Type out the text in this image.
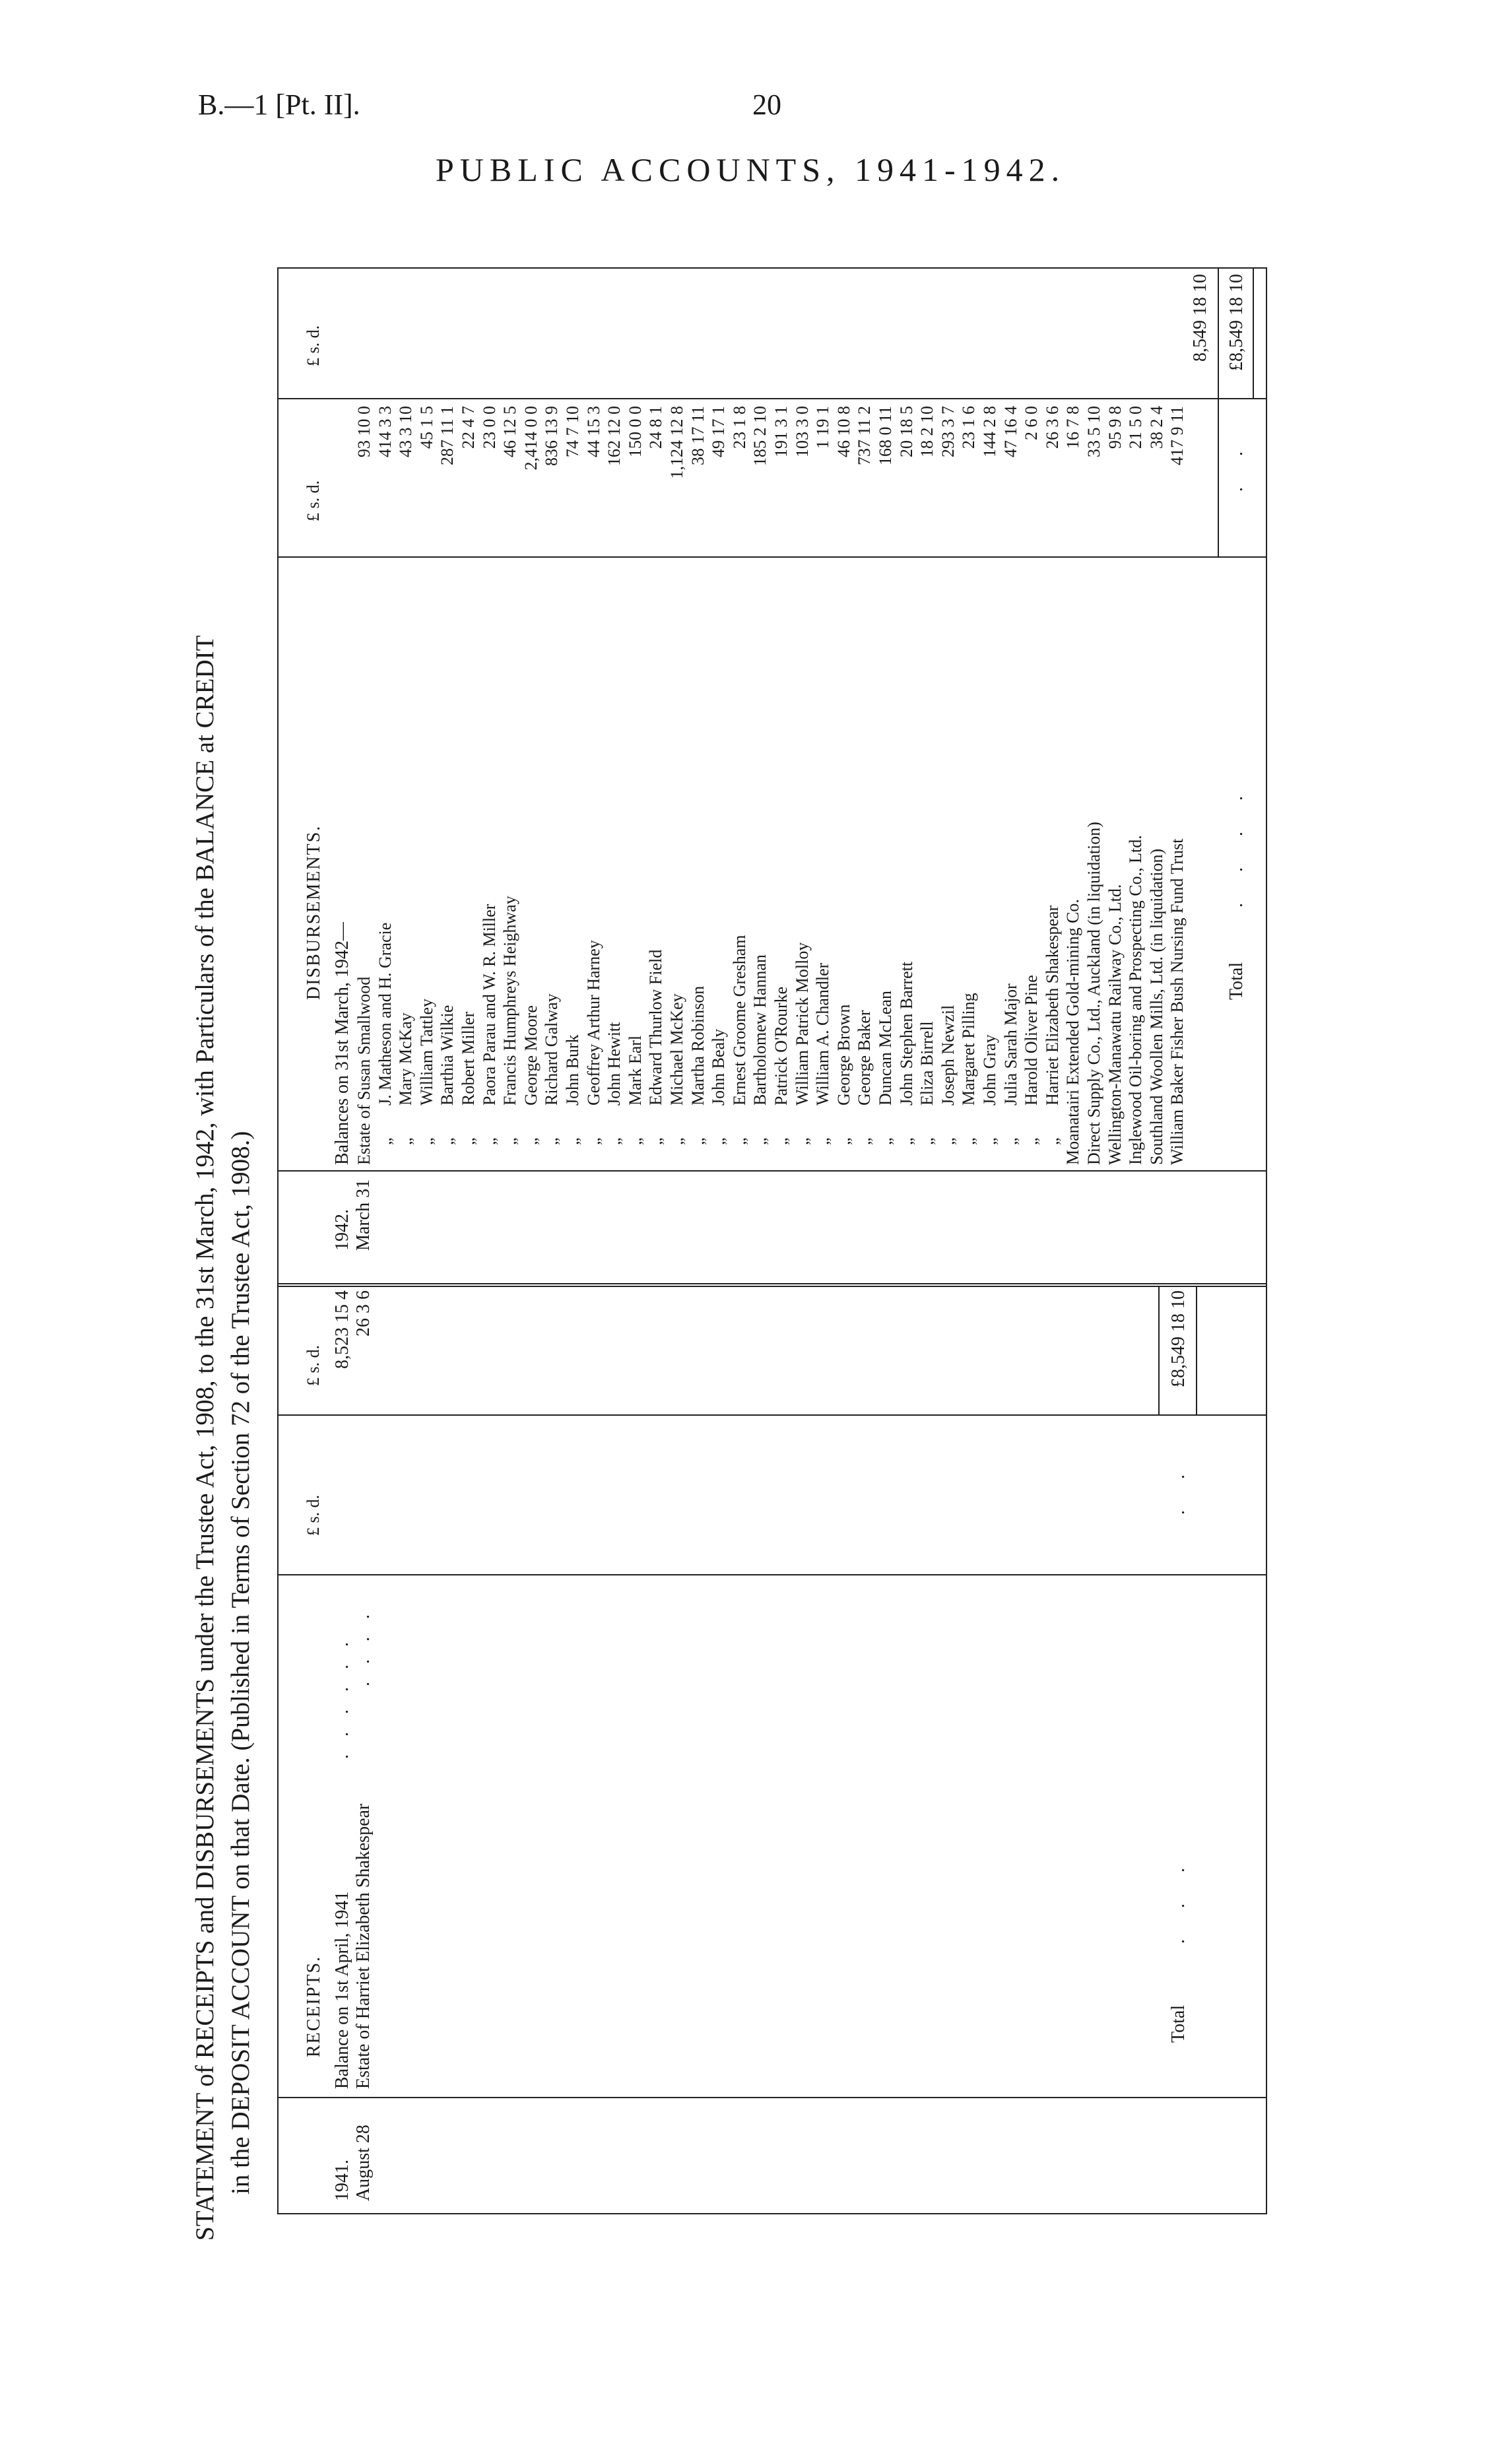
B.—1 [Pt. II].	20
PUBLIC ACCOUNTS, 1941-1942.
STATEMENT of RECEIPTS and DISBURSEMENTS under the Trustee Act, 1908, to the 31st March, 1942, with Particulars of the BALANCE at CREDIT in the DEPOSIT ACCOUNT on that Date. (Published in Terms of Section 72 of the Trustee Act, 1908.)	RECEIPTS.
1941. August 28
£ s. d.
£ s. d.
Balance on 1st April, 1941
. . . . . .
8,523 15 4
Estate of Harriet Elizabeth Shakespear
. . . .
26 3 6
. . .
Total
. .
£8,549 18 10
DISBURSEMENTS.
1942. March 31
£ s. d.
£ s. d.
Balances on 31st March, 1942— Estate of Susan Smallwood
93 10 0
„
J. Matheson and H. Gracie
414 3 3
„
Mary McKay
43 3 10
„
William Tattley
45 1 5
„
Barthia Wilkie
287 11 1
„
Robert Miller
22 4 7
„
Paora Parau and W. R. Miller
23 0 0
„
Francis Humphreys Heighway
46 12 5
„
George Moore
2,414 0 0
„
Richard Galway
836 13 9
„
John Burk
74 7 10
„
Geoffrey Arthur Harney
44 15 3
„
John Hewitt
162 12 0
„
Mark Earl
150 0 0
„
Edward Thurlow Field
24 8 1
„
Michael McKey
1,124 12 8
„
Martha Robinson
38 17 11
„
John Bealy
49 17 1
„
Ernest Groome Gresham
23 1 8
„
Bartholomew Hannan
185 2 10
„
Patrick O'Rourke
191 3 1
„
William Patrick Molloy
103 3 0
„
William A. Chandler
1 19 1
„
George Brown
46 10 8
„
George Baker
737 11 2
„
Duncan McLean
168 0 11
„
John Stephen Barrett
20 18 5
„
Eliza Birrell
18 2 10
„
Joseph Newzil
293 3 7
„
Margaret Pilling
23 1 6
„
John Gray
144 2 8
„
Julia Sarah Major
47 16 4
„
Harold Oliver Pine
2 6 0
„
Harriet Elizabeth Shakespear
26 3 6
Moanatairi Extended Gold-mining Co.
16 7 8
Direct Supply Co., Ltd., Auckland (in liquidation)
33 5 10
Wellington-Manawatu Railway Co., Ltd.
95 9 8
Inglewood Oil-boring and Prospecting Co., Ltd.
21 5 0
Southland Woollen Mills, Ltd. (in liquidation)
38 2 4
William Baker Fisher Bush Nursing Fund Trust
417 9 11
8,549 18 10
Total
. . . .
. .
£8,549 18 10
